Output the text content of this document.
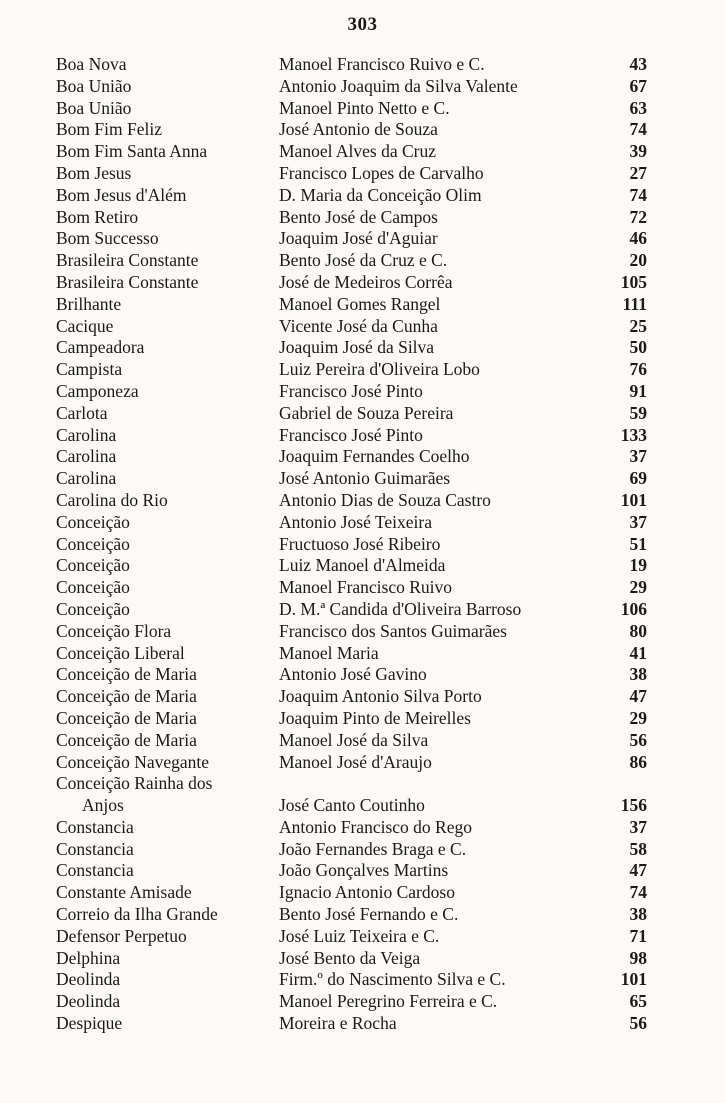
303
Boa Nova	Manoel Francisco Ruivo e C.	43
Boa União	Antonio Joaquim da Silva Valente	67
Boa União	Manoel Pinto Netto e C.	63
Bom Fim Feliz	José Antonio de Souza	74
Bom Fim Santa Anna	Manoel Alves da Cruz	39
Bom Jesus	Francisco Lopes de Carvalho	27
Bom Jesus d'Além	D. Maria da Conceição Olim	74
Bom Retiro	Bento José de Campos	72
Bom Successo	Joaquim José d'Aguiar	46
Brasileira Constante	Bento José da Cruz e C.	20
Brasileira Constante	José de Medeiros Corrêa	105
Brilhante	Manoel Gomes Rangel	111
Cacique	Vicente José da Cunha	25
Campeadora	Joaquim José da Silva	50
Campista	Luiz Pereira d'Oliveira Lobo	76
Camponeza	Francisco José Pinto	91
Carlota	Gabriel de Souza Pereira	59
Carolina	Francisco José Pinto	133
Carolina	Joaquim Fernandes Coelho	37
Carolina	José Antonio Guimarães	69
Carolina do Rio	Antonio Dias de Souza Castro	101
Conceição	Antonio José Teixeira	37
Conceição	Fructuoso José Ribeiro	51
Conceição	Luiz Manoel d'Almeida	19
Conceição	Manoel Francisco Ruivo	29
Conceição	D. M.ª Candida d'Oliveira Barroso	106
Conceição Flora	Francisco dos Santos Guimarães	80
Conceição Liberal	Manoel Maria	41
Conceição de Maria	Antonio José Gavino	38
Conceição de Maria	Joaquim Antonio Silva Porto	47
Conceição de Maria	Joaquim Pinto de Meirelles	29
Conceição de Maria	Manoel José da Silva	56
Conceição Navegante	Manoel José d'Araujo	86
Conceição Rainha dos
Anjos	José Canto Coutinho	156
Constancia	Antonio Francisco do Rego	37
Constancia	João Fernandes Braga e C.	58
Constancia	João Gonçalves Martins	47
Constante Amisade	Ignacio Antonio Cardoso	74
Correio da Ilha Grande	Bento José Fernando e C.	38
Defensor Perpetuo	José Luiz Teixeira e C.	71
Delphina	José Bento da Veiga	98
Deolinda	Firm.º do Nascimento Silva e C.	101
Deolinda	Manoel Peregrino Ferreira e C.	65
Despique	Moreira e Rocha	56
